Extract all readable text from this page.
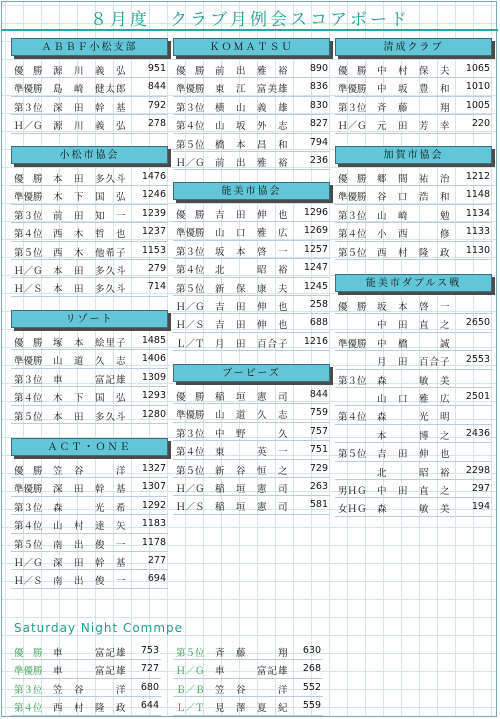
８月度　クラブ月例会スコアボード
ＡＢＢＦ小松支部
優　勝 源　川　義　弘 951
準優勝 島　崎　健太郎 844
第３位 深　田　幹　基 792
Ｈ／Ｇ 源　川　義　弘 278
小松市協会
優　勝 本　田　多久斗 1476
準優勝 木　下　国　弘 1246
第３位 前　田　知　一 1239
第４位 西　木　哲　也 1237
第５位 西　木　他希子 1153
Ｈ／Ｇ 本　田　多久斗 279
Ｈ／Ｓ 本　田　多久斗 714
リゾート
優　勝 塚　本　絵里子 1485
準優勝 山　道　久　志 1406
第３位 車　　　富記雄 1309
第４位 木　下　国　弘 1293
第５位 本　田　多久斗 1280
ＡＣＴ・ＯＮＥ
優　勝 笠　谷　　　洋 1327
準優勝 深　田　幹　基 1307
第３位 森　　　光　希 1292
第４位 山　村　達　矢 1183
第５位 南　出　俊　一 1178
Ｈ／Ｇ 深　田　幹　基 277
Ｈ／Ｓ 南　出　俊　一 694
ＫＯＭＡＴＳＵ
優　勝 前　出　雅　裕 890
準優勝 東　江　富美雄 836
第３位 横　山　義　雄 830
第４位 山　坂　外　志 827
第５位 橋　本　昌　和 794
Ｈ／Ｇ 前　出　雅　裕 236
能美市協会
優　勝 吉　田　伸　也 1296
準優勝 山　口　雅　広 1269
第３位 坂　本　啓　一 1257
第４位 北　　　昭　裕 1247
第５位 新　保　康　夫 1245
Ｈ／Ｇ 吉　田　伸　也 258
Ｈ／Ｓ 吉　田　伸　也 688
Ｌ／Ｔ 月　田　百合子 1216
ブービーズ
優　勝 稲　垣　憲　司 844
準優勝 山　道　久　志 759
第３位 中　野　　　久 757
第４位 東　　　英　一 751
第５位 新　谷　恒　之 729
Ｈ／Ｇ 稲　垣　憲　司 263
Ｈ／Ｓ 稲　垣　憲　司 581
清成クラブ
優　勝 中　村　保　夫 1065
準優勝 中　坂　豊　和 1010
第３位 斉　藤　　　翔 1005
Ｈ／Ｇ 元　田　芳　幸 220
加賀市協会
優　勝 郷　間　祐　治 1212
準優勝 谷　口　浩　和 1148
第３位 山　崎　　　勉 1134
第４位 小　西　　　修 1133
第５位 西　村　隆　政 1130
能美市ダブルス戦
優　勝 坂　本　啓　一
中　田　直　之 2650
準優勝 中　橋　　　誠
月　田　百合子 2553
第３位 森　　　敏　美
山　口　雅　広 2501
第４位 森　　　光　明
本　　　博　之 2436
第５位 吉　田　伸　也
北　　　昭　裕 2298
男ＨＧ 中　田　直　之 297
女ＨＧ 森　　　敏　美 194
Saturday Night Commpe
優　勝 車　　　富記雄 753
準優勝 車　　　富記雄 727
第３位 笠　谷　　　洋 680
第４位 西　村　隆　政 644
第５位 斉　藤　　　翔 630
Ｈ／Ｇ 車　　　富記雄 268
Ｂ／Ｂ 笠　谷　　　洋 552
Ｌ／Ｔ 見　澤　夏　紀 559
